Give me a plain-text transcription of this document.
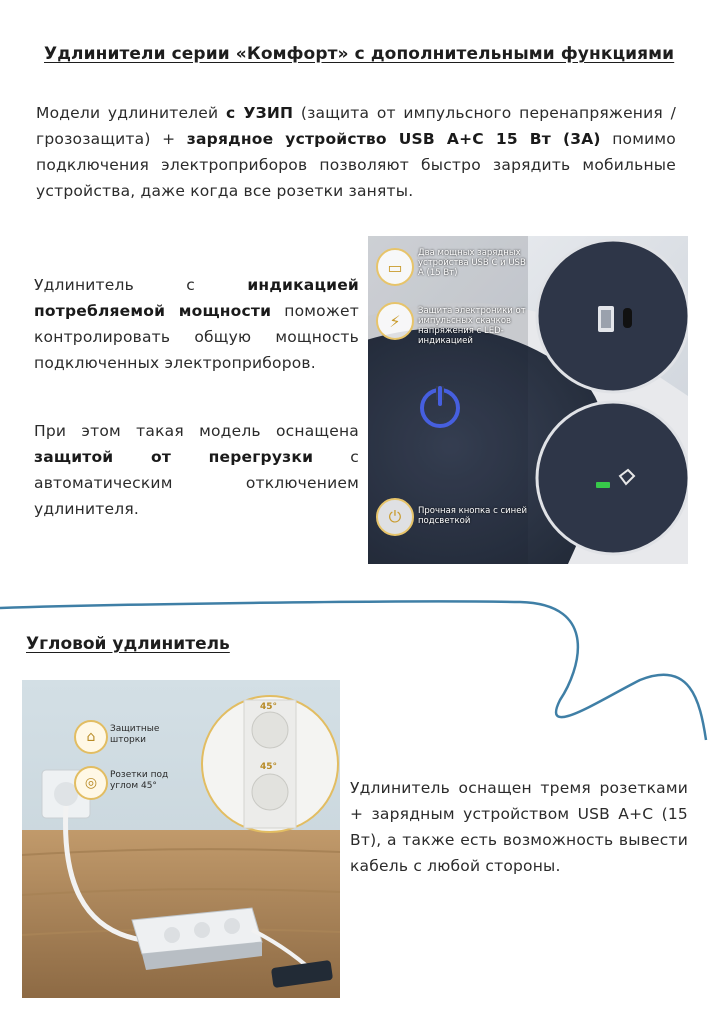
Удлинители серии «Комфорт» с дополнительными функциями
Модели удлинителей с УЗИП (защита от импульсного перенапряжения / грозозащита) + зарядное устройство USB A+C 15 Вт (3А) помимо подключения электроприборов позволяют быстро зарядить мобильные устройства, даже когда все розетки заняты.
Удлинитель с индикацией потребляемой мощности поможет контролировать общую мощность подключенных электроприборов.
При этом такая модель оснащена защитой от перегрузки с автоматическим отключением удлинителя.
▭
Два мощных зарядных устройства USB C и USB A (15 Вт)
⚡
Защита электроники от импульсных скачков напряжения с LED-индикацией
⏻	Прочная кнопка с синей подсветкой
Угловой удлинитель
45°
45°
⌂	Защитные шторки
◎	Розетки под углом 45°	Удлинитель оснащен тремя розетками + зарядным устройством USB A+C (15 Вт), а также есть возможность вывести кабель с любой стороны.
